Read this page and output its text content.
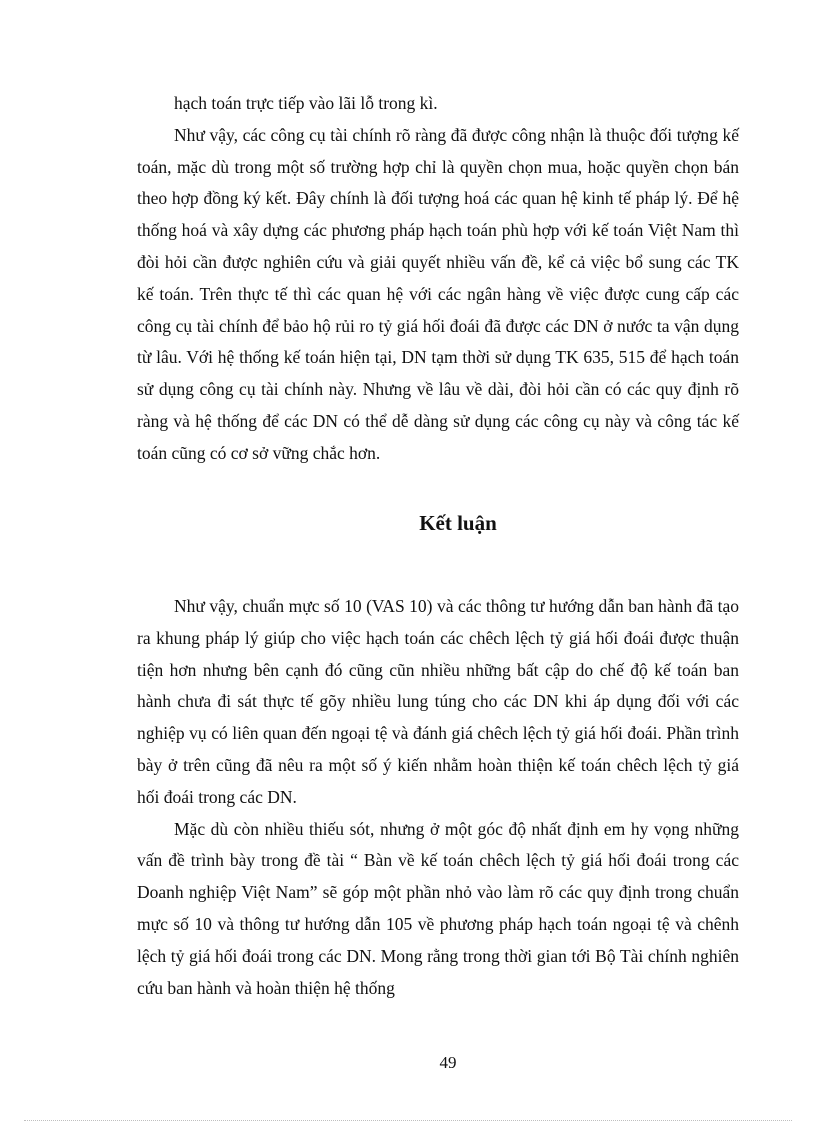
hạch toán trực tiếp vào lãi lỗ trong kì.

Như vậy, các công cụ tài chính rõ ràng đã được công nhận là thuộc đối tượng kế toán, mặc dù trong một số trường hợp chỉ là quyền chọn mua, hoặc quyền chọn bán theo hợp đồng ký kết. Đây chính là đối tượng hoá các quan hệ kinh tế pháp lý. Để hệ thống hoá và xây dựng các phương pháp hạch toán phù hợp với kế toán Việt Nam thì đòi hỏi cần được nghiên cứu và giải quyết nhiều vấn đề, kể cả việc bổ sung các TK kế toán. Trên thực tế thì các quan hệ với các ngân hàng về việc được cung cấp các công cụ tài chính để bảo hộ rủi ro tỷ giá hối đoái đã được các DN ở nước ta vận dụng từ lâu. Với hệ thống kế toán hiện tại, DN tạm thời sử dụng TK 635, 515 để hạch toán sử dụng công cụ tài chính này. Nhưng về lâu về dài, đòi hỏi cần có các quy định rõ ràng và hệ thống để các DN có thể dễ dàng sử dụng các công cụ này và công tác kế toán cũng có cơ sở vững chắc hơn.

Kết luận

Như vậy, chuẩn mực số 10 (VAS 10) và các thông tư hướng dẫn ban hành đã tạo ra khung pháp lý giúp cho việc hạch toán các chêch lệch tỷ giá hối đoái được thuận tiện hơn nhưng bên cạnh đó cũng cũn nhiều những bất cập do chế độ kế toán ban hành chưa đi sát thực tế gõy nhiều lung túng cho các DN khi áp dụng đối với các nghiệp vụ có liên quan đến ngoại tệ và đánh giá chêch lệch tỷ giá hối đoái. Phần trình bày ở trên cũng đã nêu ra một số ý kiến nhằm hoàn thiện kế toán chêch lệch tỷ giá hối đoái trong các DN.

Mặc dù còn nhiều thiếu sót, nhưng ở một góc độ nhất định em hy vọng những vấn đề trình bày trong đề tài “ Bàn về kế toán chêch lệch tỷ giá hối đoái trong các Doanh nghiệp Việt Nam” sẽ góp một phần nhỏ vào làm rõ các quy định trong chuẩn mực số 10 và thông tư hướng dẫn 105 về phương pháp hạch toán ngoại tệ và chênh lệch tỷ giá hối đoái trong các DN. Mong rằng trong thời gian tới Bộ Tài chính nghiên cứu ban hành và hoàn thiện hệ thống

49
